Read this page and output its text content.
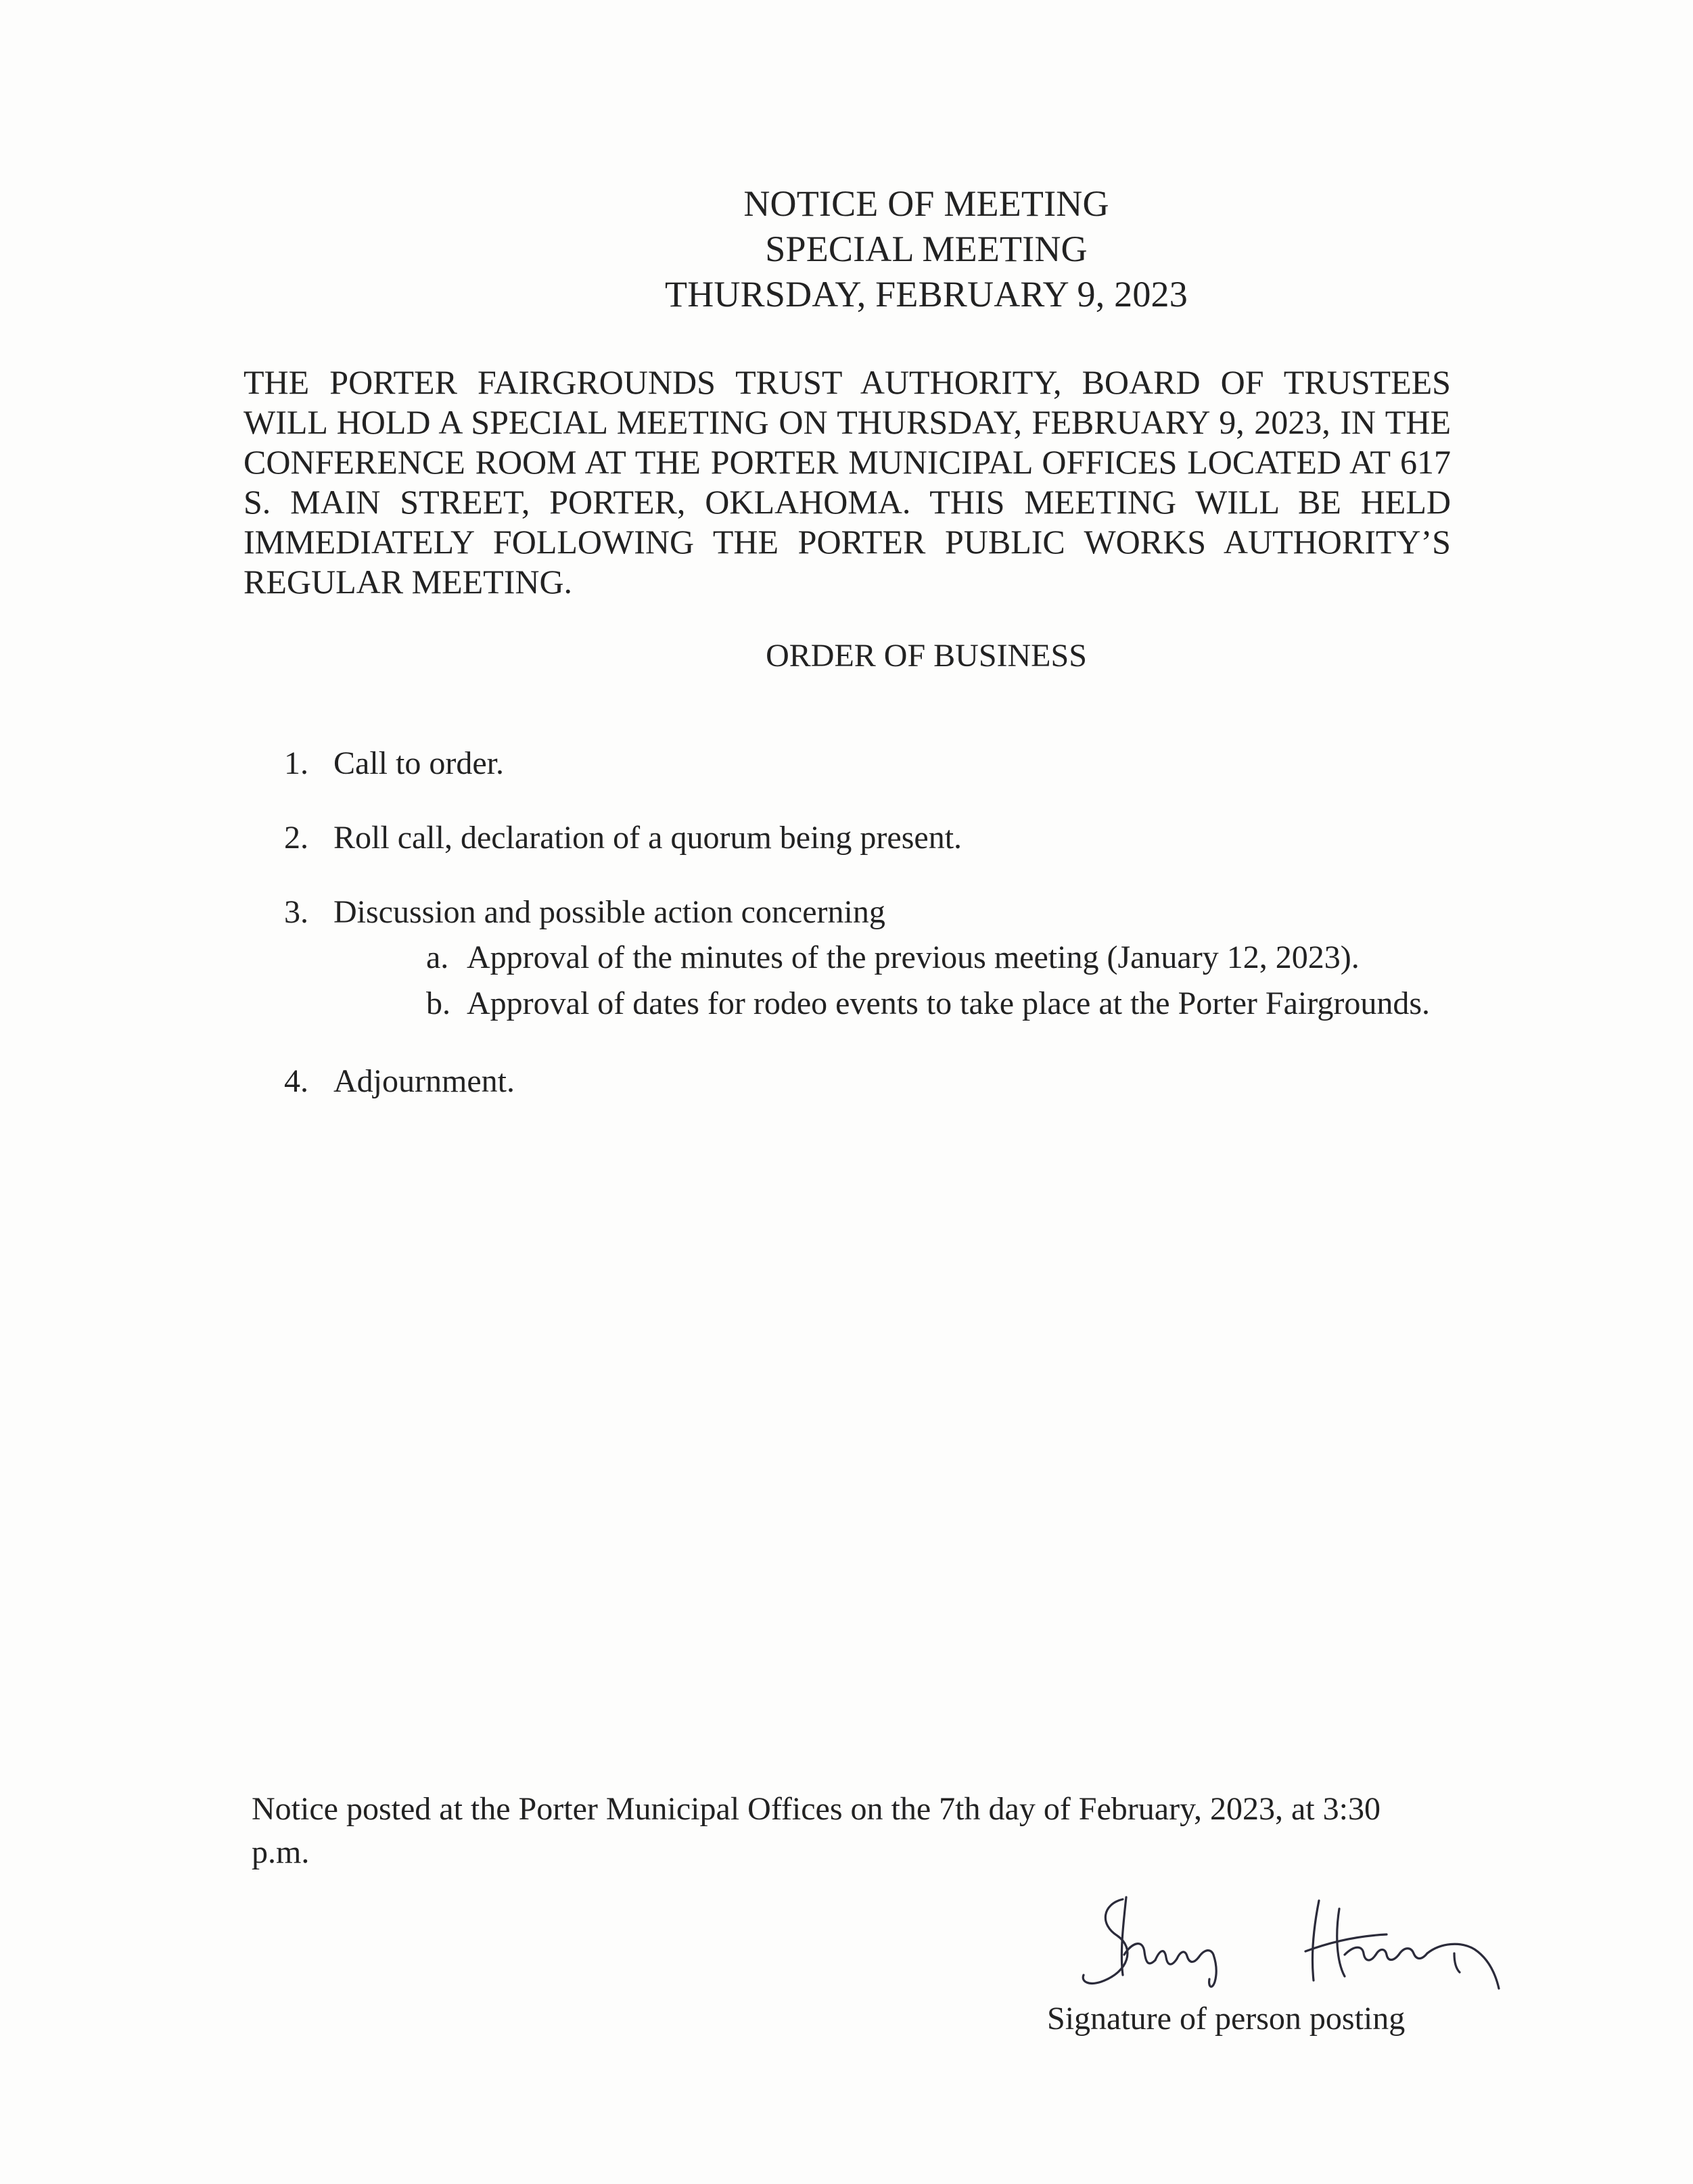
NOTICE OF MEETING
SPECIAL MEETING
THURSDAY, FEBRUARY 9, 2023

THE PORTER FAIRGROUNDS TRUST AUTHORITY, BOARD OF TRUSTEES WILL HOLD A SPECIAL MEETING ON THURSDAY, FEBRUARY 9, 2023, IN THE CONFERENCE ROOM AT THE PORTER MUNICIPAL OFFICES LOCATED AT 617 S. MAIN STREET, PORTER, OKLAHOMA. THIS MEETING WILL BE HELD IMMEDIATELY FOLLOWING THE PORTER PUBLIC WORKS AUTHORITY’S REGULAR MEETING.

ORDER OF BUSINESS
1. Call to order.
2. Roll call, declaration of a quorum being present.
3. Discussion and possible action concerning
a. Approval of the minutes of the previous meeting (January 12, 2023).
b. Approval of dates for rodeo events to take place at the Porter Fairgrounds.
4. Adjournment.

Notice posted at the Porter Municipal Offices on the 7th day of February, 2023, at 3:30 p.m.

Signature of person posting
